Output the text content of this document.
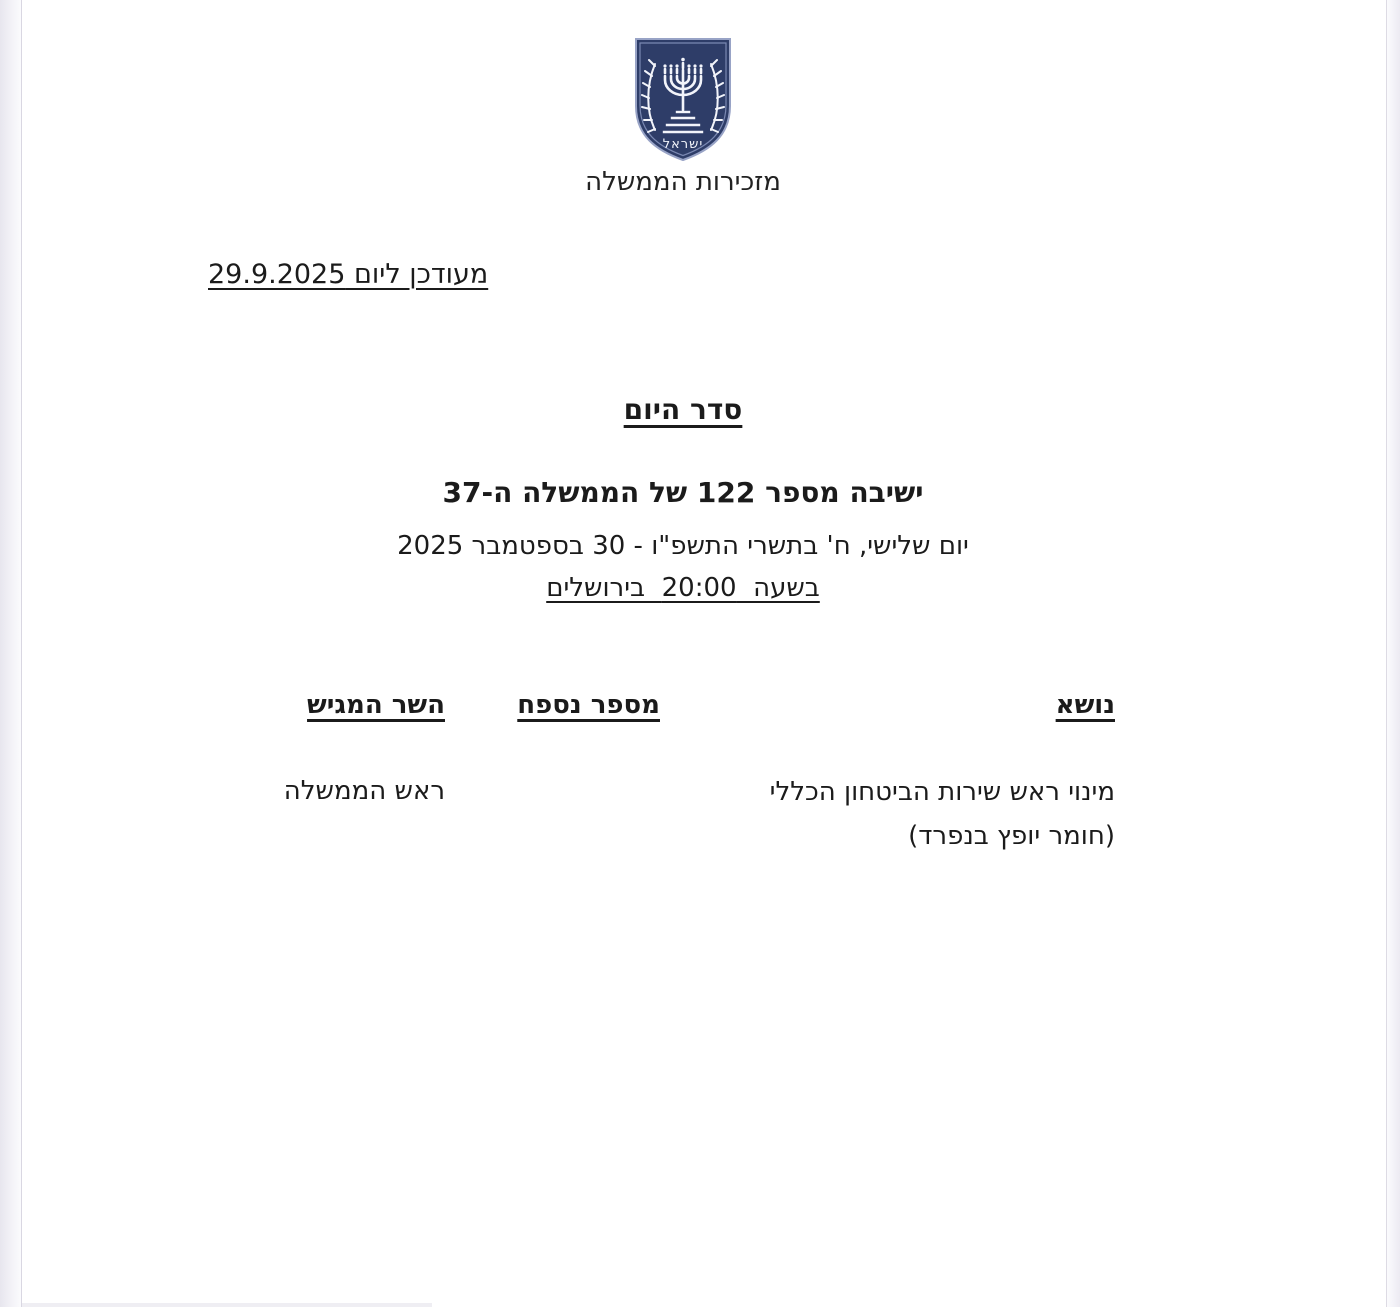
ישראל
מזכירות הממשלה
מעודכן ליום 29.9.2025
סדר היום
ישיבה מספר 122 של הממשלה ה-37
יום שלישי, ח' בתשרי התשפ"ו - 30 בספטמבר 2025
בשעה  20:00  בירושלים
נושא
מספר נספח
השר המגיש
מינוי ראש שירות הביטחון הכללי
(חומר יופץ בנפרד)
ראש הממשלה
